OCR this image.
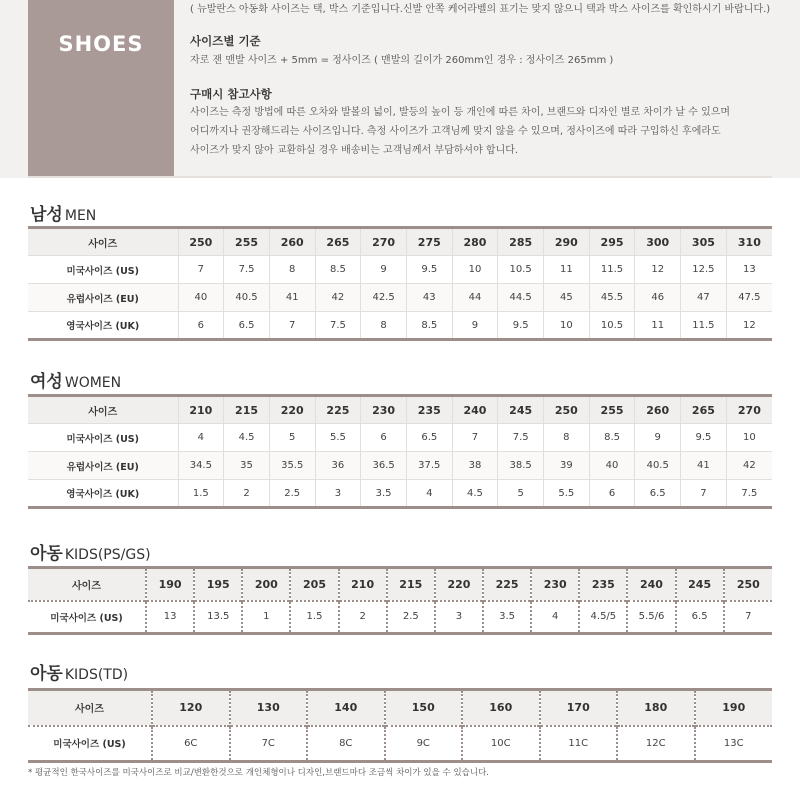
SHOES
( 뉴발란스 아동화 사이즈는 택, 박스 기준입니다.신발 안쪽 케어라벨의 표기는 맞지 않으니 택과 박스 사이즈를 확인하시기 바랍니다.)
사이즈별 기준
자로 잰 맨발 사이즈 + 5mm = 정사이즈 ( 맨발의 길이가 260mm인 경우 : 정사이즈 265mm )
구매시 참고사항
사이즈는 측정 방법에 따른 오차와 발볼의 넓이, 발등의 높이 등 개인에 따른 차이, 브랜드와 디자인 별로 차이가 날 수 있으며
어디까지나 권장해드리는 사이즈입니다. 측정 사이즈가 고객님께 맞지 않을 수 있으며, 정사이즈에 따라 구입하신 후에라도
사이즈가 맞지 않아 교환하실 경우 배송비는 고객님께서 부담하셔야 합니다.
남성 MEN
사이즈	250	255	260	265	270	275	280	285	290	295	300	305	310
미국사이즈 (US)	7	7.5	8	8.5	9	9.5	10	10.5	11	11.5	12	12.5	13
유럽사이즈 (EU)	40	40.5	41	42	42.5	43	44	44.5	45	45.5	46	47	47.5
영국사이즈 (UK)	6	6.5	7	7.5	8	8.5	9	9.5	10	10.5	11	11.5	12
여성 WOMEN
사이즈	210	215	220	225	230	235	240	245	250	255	260	265	270
미국사이즈 (US)	4	4.5	5	5.5	6	6.5	7	7.5	8	8.5	9	9.5	10
유럽사이즈 (EU)	34.5	35	35.5	36	36.5	37.5	38	38.5	39	40	40.5	41	42
영국사이즈 (UK)	1.5	2	2.5	3	3.5	4	4.5	5	5.5	6	6.5	7	7.5
아동 KIDS(PS/GS)
사이즈	190	195	200	205	210	215	220	225	230	235	240	245	250
미국사이즈 (US)	13	13.5	1	1.5	2	2.5	3	3.5	4	4.5/5	5.5/6	6.5	7
아동 KIDS(TD)
사이즈	120	130	140	150	160	170	180	190
미국사이즈 (US)	6C	7C	8C	9C	10C	11C	12C	13C
* 평균적인 한국사이즈를 미국사이즈로 비교/변환한것으로 개인체형이나 디자인,브랜드마다 조금씩 차이가 있을 수 있습니다.
